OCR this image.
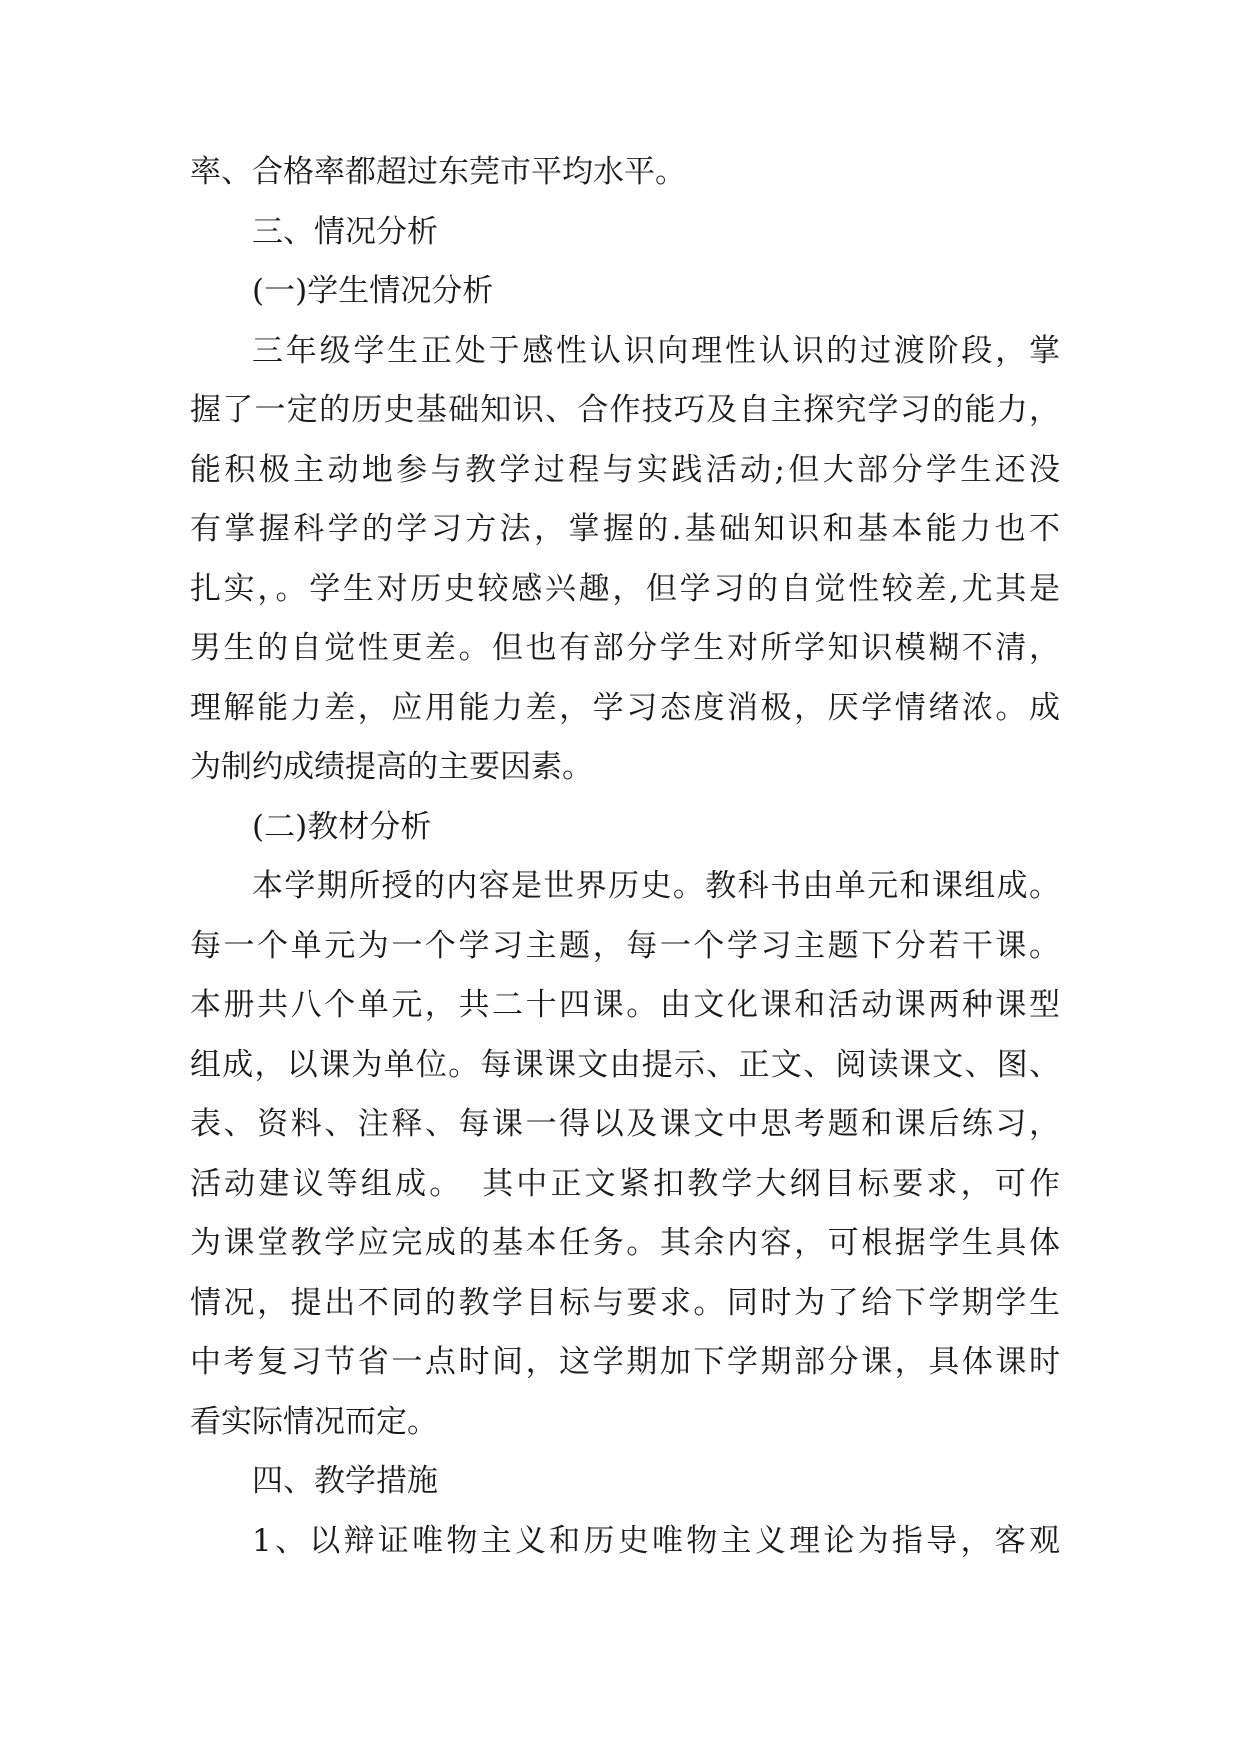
率、合格率都超过东莞市平均水平。
三、情况分析
(一)学生情况分析
三年级学生正处于感性认识向理性认识的过渡阶段，掌
握了一定的历史基础知识、合作技巧及自主探究学习的能力，
能积极主动地参与教学过程与实践活动;但大部分学生还没
有掌握科学的学习方法，掌握的.基础知识和基本能力也不
扎实，。学生对历史较感兴趣，但学习的自觉性较差,尤其是
男生的自觉性更差。但也有部分学生对所学知识模糊不清，
理解能力差，应用能力差，学习态度消极，厌学情绪浓。成
为制约成绩提高的主要因素。
(二)教材分析
本学期所授的内容是世界历史。教科书由单元和课组成。
每一个单元为一个学习主题，每一个学习主题下分若干课。
本册共八个单元，共二十四课。由文化课和活动课两种课型
组成，以课为单位。每课课文由提示、正文、阅读课文、图、
表、资料、注释、每课一得以及课文中思考题和课后练习，
活动建议等组成。　其中正文紧扣教学大纲目标要求，可作
为课堂教学应完成的基本任务。其余内容，可根据学生具体
情况，提出不同的教学目标与要求。同时为了给下学期学生
中考复习节省一点时间，这学期加下学期部分课，具体课时
看实际情况而定。
四、教学措施
1、以辩证唯物主义和历史唯物主义理论为指导，客观
